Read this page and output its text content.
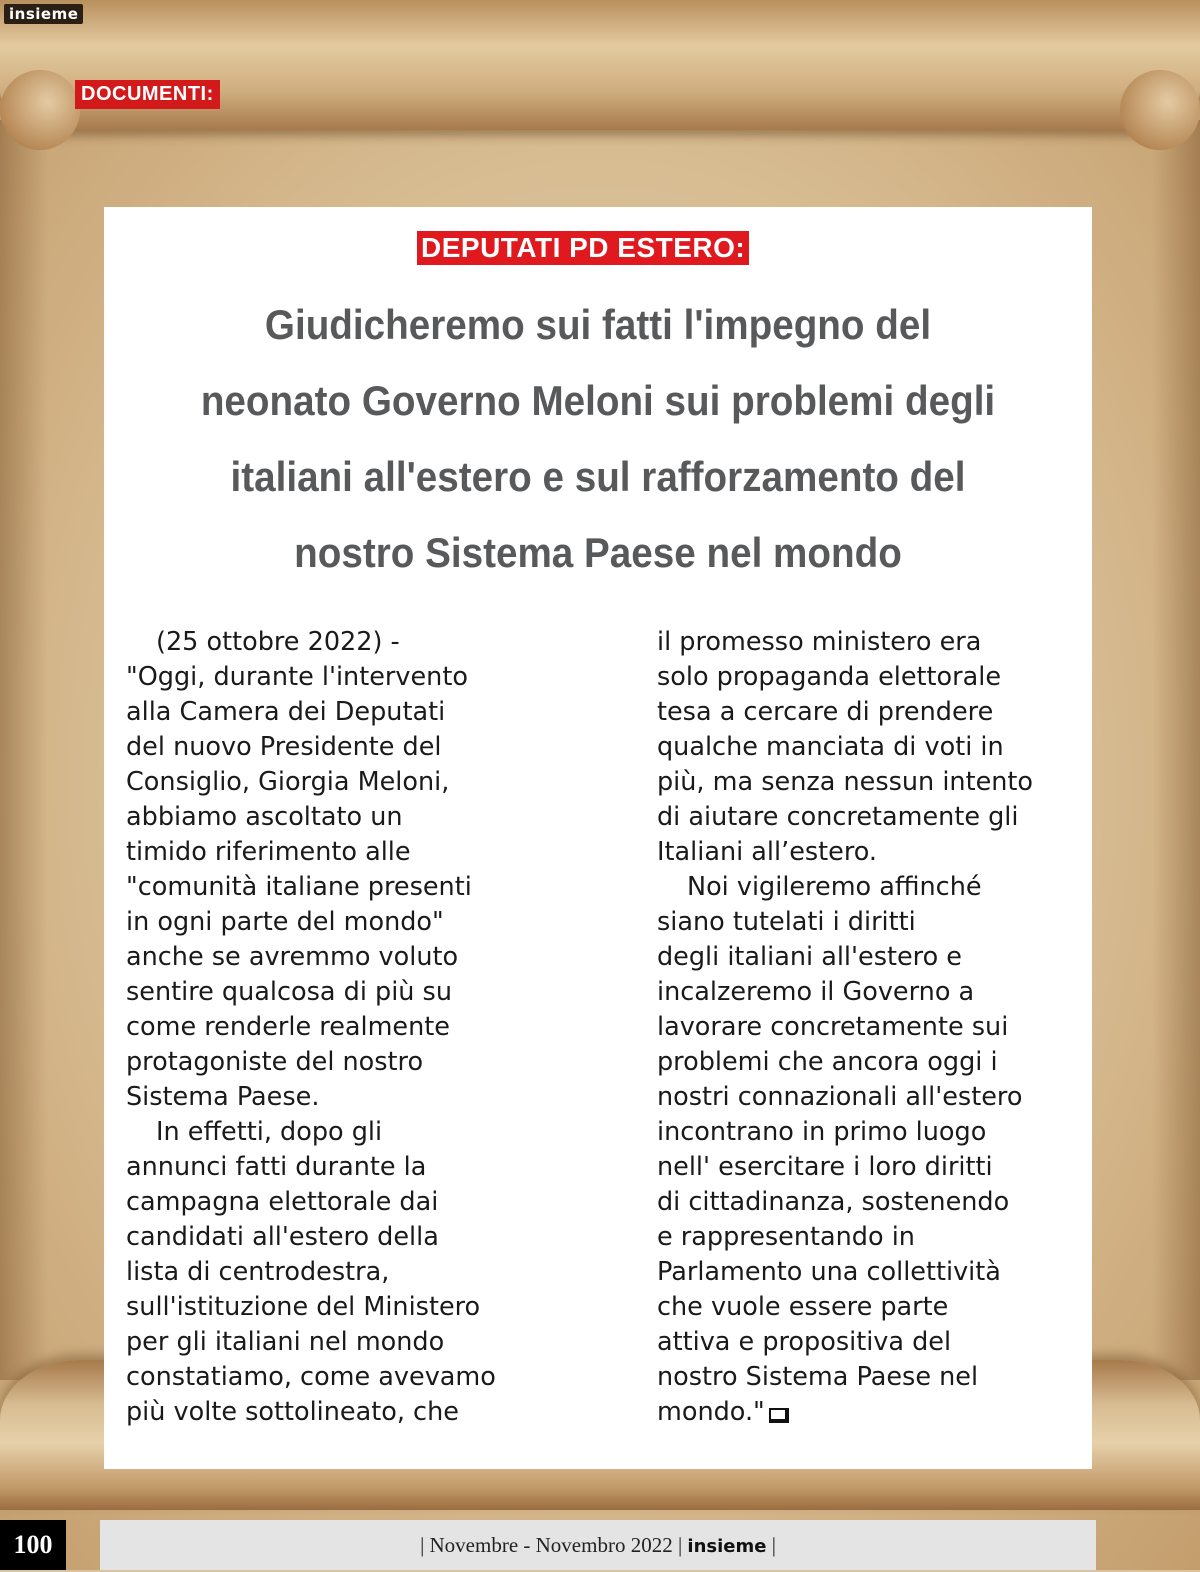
insieme
DOCUMENTI:
DEPUTATI PD ESTERO:
Giudicheremo sui fatti l'impegno del
neonato Governo Meloni sui problemi degli
italiani all'estero e sul rafforzamento del
nostro Sistema Paese nel mondo

(25 ottobre 2022) -
"Oggi, durante l'intervento
alla Camera dei Deputati
del nuovo Presidente del
Consiglio, Giorgia Meloni,
abbiamo ascoltato un
timido riferimento alle
"comunità italiane presenti
in ogni parte del mondo"
anche se avremmo voluto
sentire qualcosa di più su
come renderle realmente
protagoniste del nostro
Sistema Paese.

In effetti, dopo gli
annunci fatti durante la
campagna elettorale dai
candidati all'estero della
lista di centrodestra,
sull'istituzione del Ministero
per gli italiani nel mondo
constatiamo, come avevamo
più volte sottolineato, che

il promesso ministero era
solo propaganda elettorale
tesa a cercare di prendere
qualche manciata di voti in
più, ma senza nessun intento
di aiutare concretamente gli
Italiani all’estero.

Noi vigileremo affinché
siano tutelati i diritti
degli italiani all'estero e
incalzeremo il Governo a
lavorare concretamente sui
problemi che ancora oggi i
nostri connazionali all'estero
incontrano in primo luogo
nell' esercitare i loro diritti
di cittadinanza, sostenendo
e rappresentando in
Parlamento una collettività
che vuole essere parte
attiva e propositiva del
nostro Sistema Paese nel
mondo."

100	| Novembre - Novembro 2022 | insieme |
